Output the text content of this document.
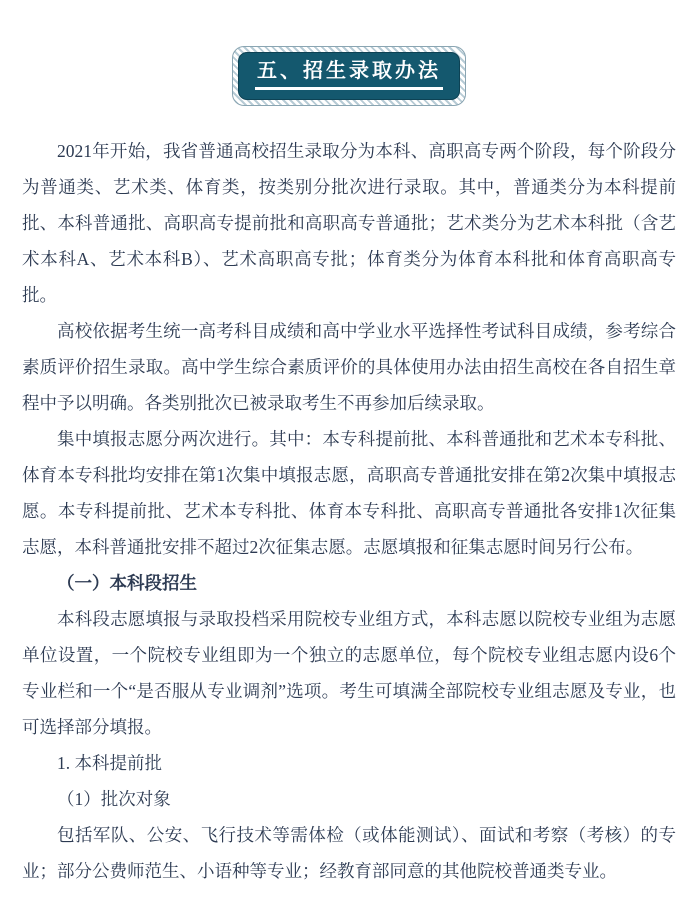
五、招生录取办法

2021年开始，我省普通高校招生录取分为本科、高职高专两个阶段，每个阶段分为普通类、艺术类、体育类，按类别分批次进行录取。其中，普通类分为本科提前批、本科普通批、高职高专提前批和高职高专普通批；艺术类分为艺术本科批（含艺术本科A、艺术本科B）、艺术高职高专批；体育类分为体育本科批和体育高职高专批。

高校依据考生统一高考科目成绩和高中学业水平选择性考试科目成绩，参考综合素质评价招生录取。高中学生综合素质评价的具体使用办法由招生高校在各自招生章程中予以明确。各类别批次已被录取考生不再参加后续录取。

集中填报志愿分两次进行。其中：本专科提前批、本科普通批和艺术本专科批、体育本专科批均安排在第1次集中填报志愿，高职高专普通批安排在第2次集中填报志愿。本专科提前批、艺术本专科批、体育本专科批、高职高专普通批各安排1次征集志愿，本科普通批安排不超过2次征集志愿。志愿填报和征集志愿时间另行公布。

（一）本科段招生

本科段志愿填报与录取投档采用院校专业组方式，本科志愿以院校专业组为志愿单位设置，一个院校专业组即为一个独立的志愿单位，每个院校专业组志愿内设6个专业栏和一个“是否服从专业调剂”选项。考生可填满全部院校专业组志愿及专业，也可选择部分填报。

1. 本科提前批

（1）批次对象

包括军队、公安、飞行技术等需体检（或体能测试）、面试和考察（考核）的专业；部分公费师范生、小语种等专业；经教育部同意的其他院校普通类专业。
